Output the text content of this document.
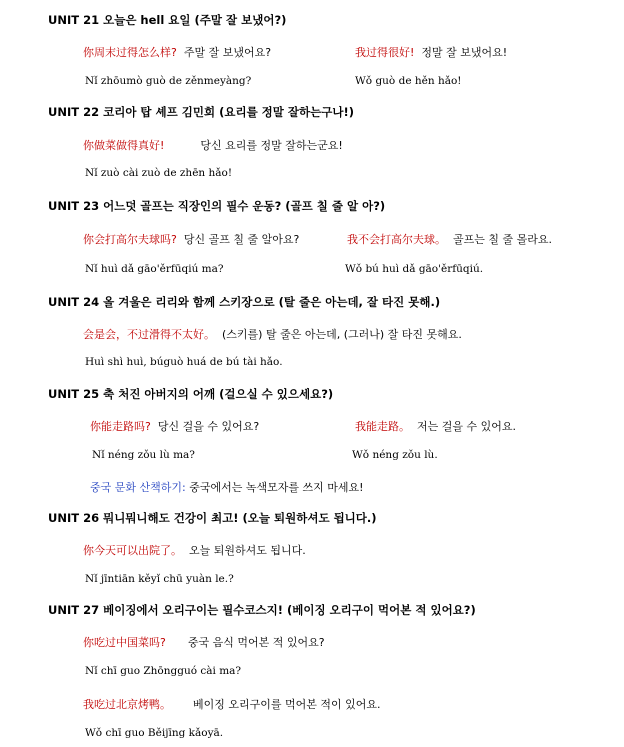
UNIT 21 오늘은 hell 요일 (주말 잘 보냈어?)
你周末过得怎么样? 주말 잘 보냈어요?	我过得很好! 정말 잘 보냈어요!
Nǐ zhōumò guò de zěnmeyàng?	Wǒ guò de hěn hǎo!
UNIT 22 코리아 탑 셰프 김민희 (요리를 정말 잘하는구나!)
你做菜做得真好!	당신 요리를 정말 잘하는군요!
Nǐ zuò cài zuò de zhēn hǎo!
UNIT 23 어느덧 골프는 직장인의 필수 운동? (골프 칠 줄 알 아?)
你会打高尔夫球吗? 당신 골프 칠 줄 알아요?	我不会打高尔夫球。 골프는 칠 줄 몰라요.
Nǐ huì dǎ gāo'ěrfūqiú ma?	Wǒ bú huì dǎ gāo'ěrfūqiú.
UNIT 24 올 겨울은 리리와 함께 스키장으로 (탈 줄은 아는데, 잘 타진 못해.)
会是会，不过滑得不太好。 (스키를) 탈 줄은 아는데, (그러나) 잘 타진 못해요.
Huì shì huì, búguò huá de bú tài hǎo.
UNIT 25 축 처진 아버지의 어깨 (걸으실 수 있으세요?)
你能走路吗? 당신 걸을 수 있어요?	我能走路。 저는 걸을 수 있어요.
Nǐ néng zǒu lù ma?	Wǒ néng zǒu lù.
중국 문화 산책하기: 중국에서는 녹색모자를 쓰지 마세요!
UNIT 26 뭐니뭐니해도 건강이 최고! (오늘 퇴원하셔도 됩니다.)
你今天可以出院了。 오늘 퇴원하셔도 됩니다.
Nǐ jīntiān kěyǐ chū yuàn le.?
UNIT 27 베이징에서 오리구이는 필수코스지! (베이징 오리구이 먹어본 적 있어요?)
你吃过中国菜吗? 중국 음식 먹어본 적 있어요?
Nǐ chī guo Zhōngguó cài ma?
我吃过北京烤鸭。 베이징 오리구이를 먹어본 적이 있어요.
Wǒ chī guo Běijīng kǎoyā.
